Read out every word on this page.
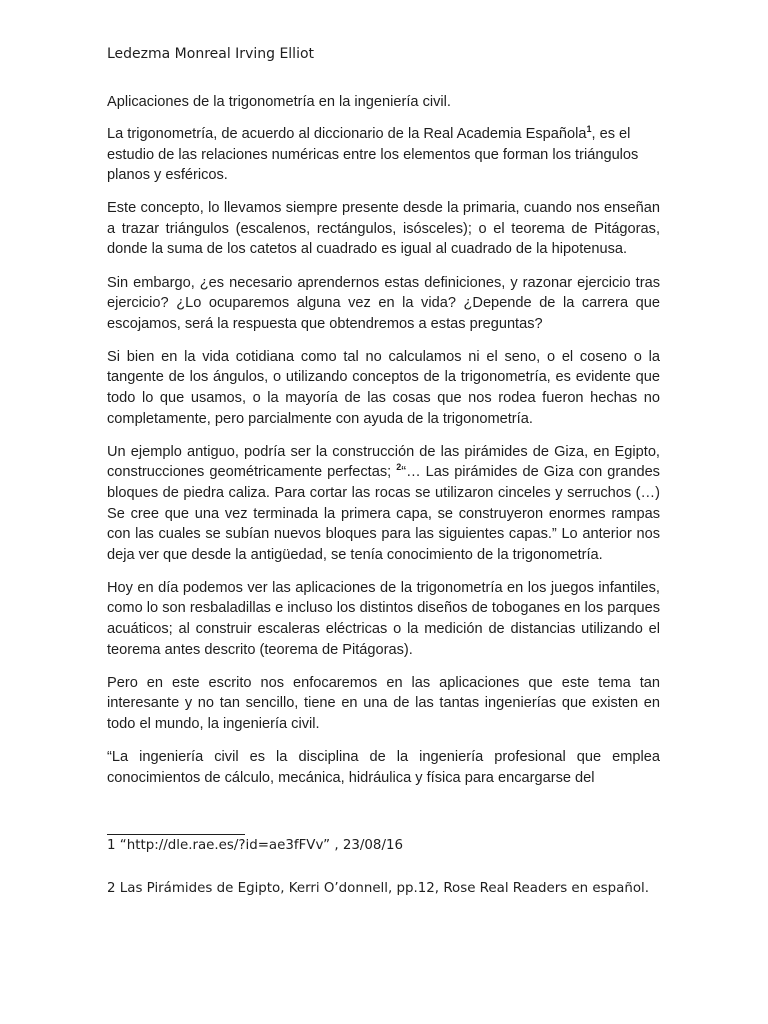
Ledezma Monreal Irving Elliot

Aplicaciones de la trigonometría en la ingeniería civil.

La trigonometría, de acuerdo al diccionario de la Real Academia Española$^1$, es el estudio de las relaciones numéricas entre los elementos que forman los triángulos planos y esféricos.

Este concepto, lo llevamos siempre presente desde la primaria, cuando nos enseñan a trazar triángulos (escalenos, rectángulos, isósceles); o el teorema de Pitágoras, donde la suma de los catetos al cuadrado es igual al cuadrado de la hipotenusa.

Sin embargo, ¿es necesario aprendernos estas definiciones, y razonar ejercicio tras ejercicio? ¿Lo ocuparemos alguna vez en la vida? ¿Depende de la carrera que escojamos, será la respuesta que obtendremos a estas preguntas?

Si bien en la vida cotidiana como tal no calculamos ni el seno, o el coseno o la tangente de los ángulos, o utilizando conceptos de la trigonometría, es evidente que todo lo que usamos, o la mayoría de las cosas que nos rodea fueron hechas no completamente, pero parcialmente con ayuda de la trigonometría.

Un ejemplo antiguo, podría ser la construcción de las pirámides de Giza, en Egipto, construcciones geométricamente perfectas; $^2$“… Las pirámides de Giza con grandes bloques de piedra caliza. Para cortar las rocas se utilizaron cinceles y serruchos (…) Se cree que una vez terminada la primera capa, se construyeron enormes rampas con las cuales se subían nuevos bloques para las siguientes capas.” Lo anterior nos deja ver que desde la antigüedad, se tenía conocimiento de la trigonometría.

Hoy en día podemos ver las aplicaciones de la trigonometría en los juegos infantiles, como lo son resbaladillas e incluso los distintos diseños de toboganes en los parques acuáticos; al construir escaleras eléctricas o la medición de distancias utilizando el teorema antes descrito (teorema de Pitágoras).

Pero en este escrito nos enfocaremos en las aplicaciones que este tema tan interesante y no tan sencillo, tiene en una de las tantas ingenierías que existen en todo el mundo, la ingeniería civil.

“La ingeniería civil es la disciplina de la ingeniería profesional que emplea conocimientos de cálculo, mecánica, hidráulica y física para encargarse del

1 “http://dle.rae.es/?id=ae3fFVv” , 23/08/16

2 Las Pirámides de Egipto, Kerri O’donnell, pp.12, Rose Real Readers en español.
